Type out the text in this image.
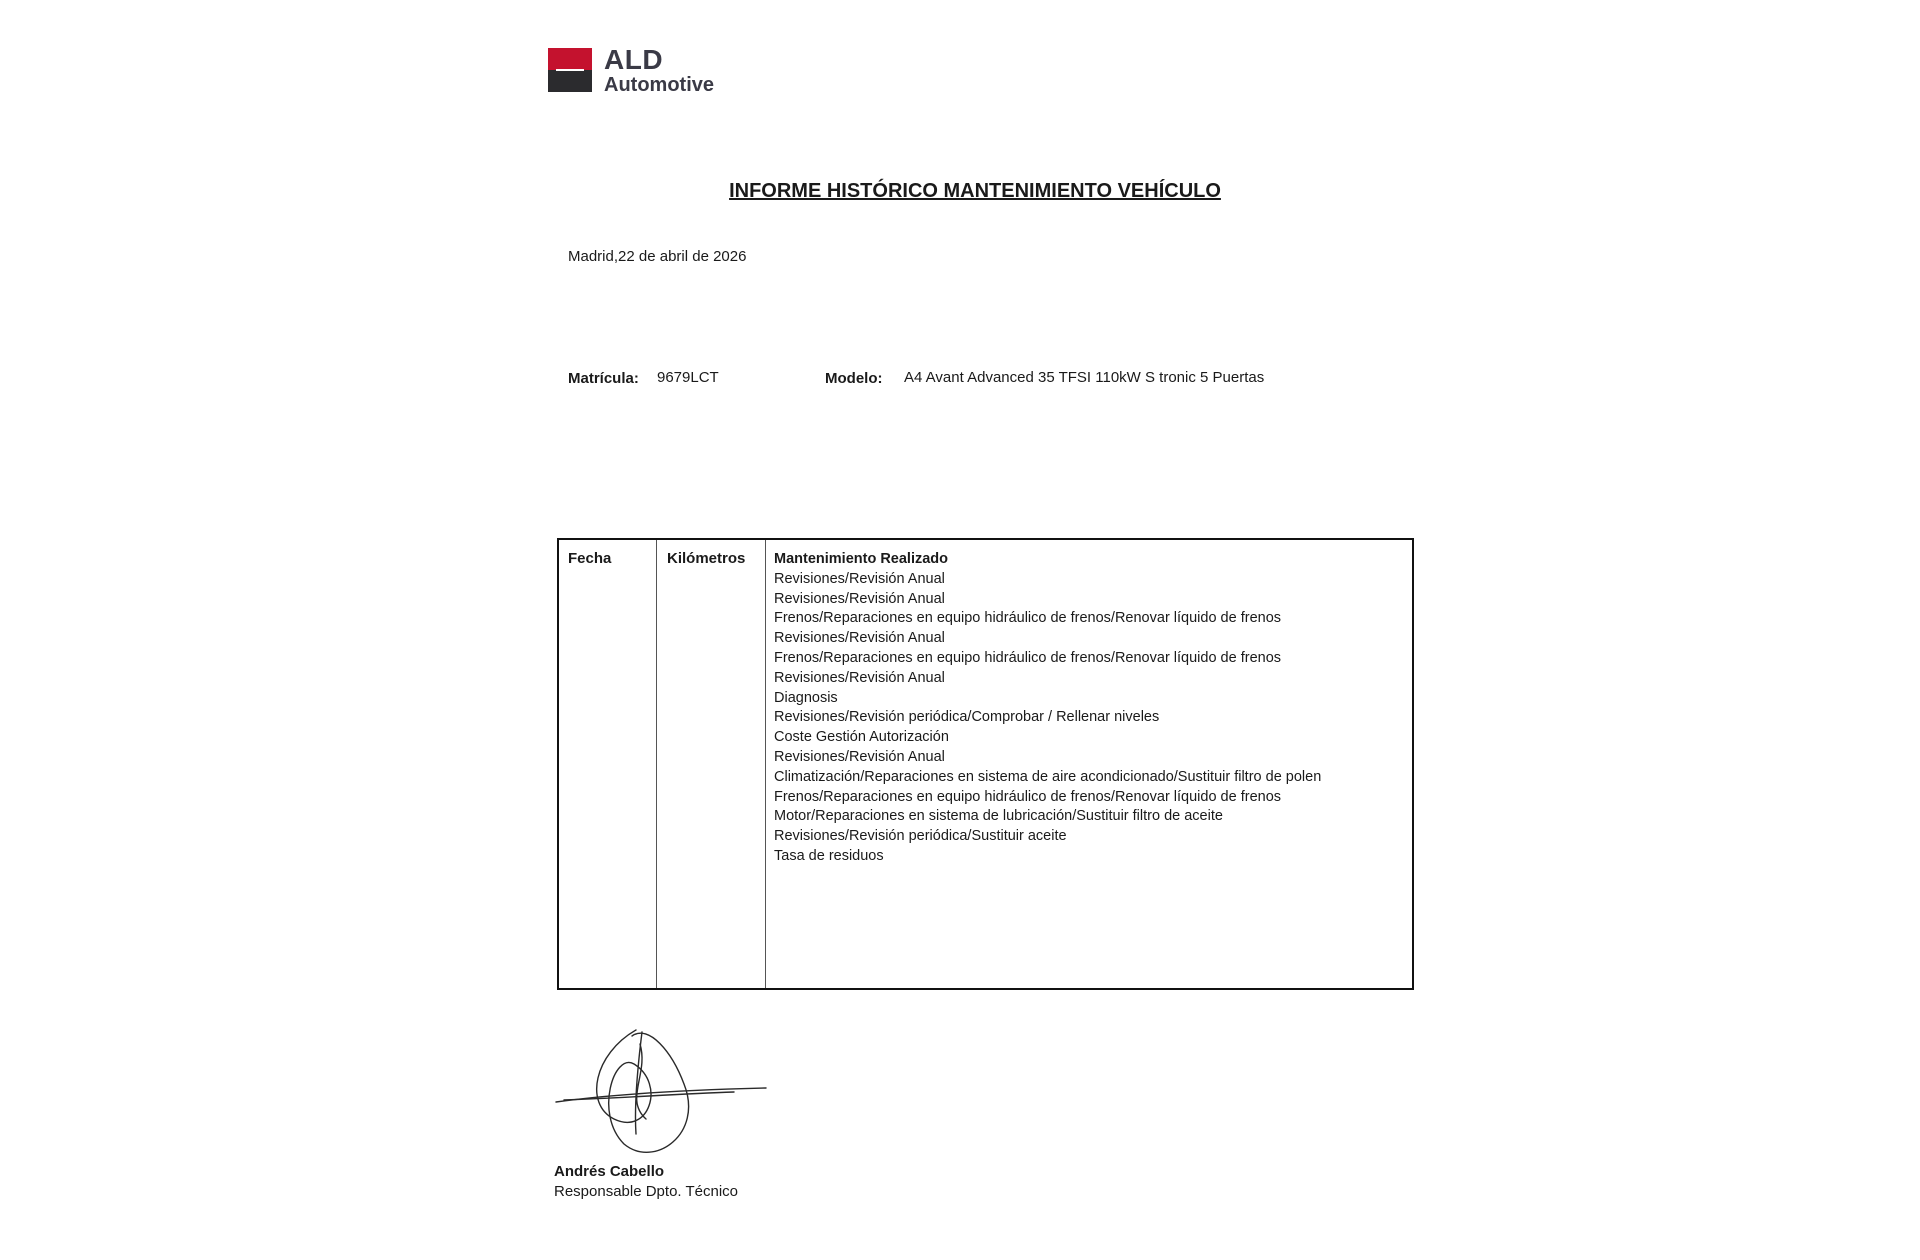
ALD
Automotive
INFORME HISTÓRICO MANTENIMIENTO VEHÍCULO
Madrid,22 de abril de 2026
Matrícula: 9679LCT	Modelo: A4 Avant Advanced 35 TFSI 110kW S tronic 5 Puertas
Fecha	Kilómetros Mantenimiento Realizado
Revisiones/Revisión Anual
Revisiones/Revisión Anual
Frenos/Reparaciones en equipo hidráulico de frenos/Renovar líquido de frenos
Revisiones/Revisión Anual
Frenos/Reparaciones en equipo hidráulico de frenos/Renovar líquido de frenos
Revisiones/Revisión Anual
Diagnosis
Revisiones/Revisión periódica/Comprobar / Rellenar niveles
Coste Gestión Autorización
Revisiones/Revisión Anual
Climatización/Reparaciones en sistema de aire acondicionado/Sustituir filtro de polen
Frenos/Reparaciones en equipo hidráulico de frenos/Renovar líquido de frenos
Motor/Reparaciones en sistema de lubricación/Sustituir filtro de aceite
Revisiones/Revisión periódica/Sustituir aceite
Tasa de residuos
Andrés Cabello
Responsable Dpto. Técnico
